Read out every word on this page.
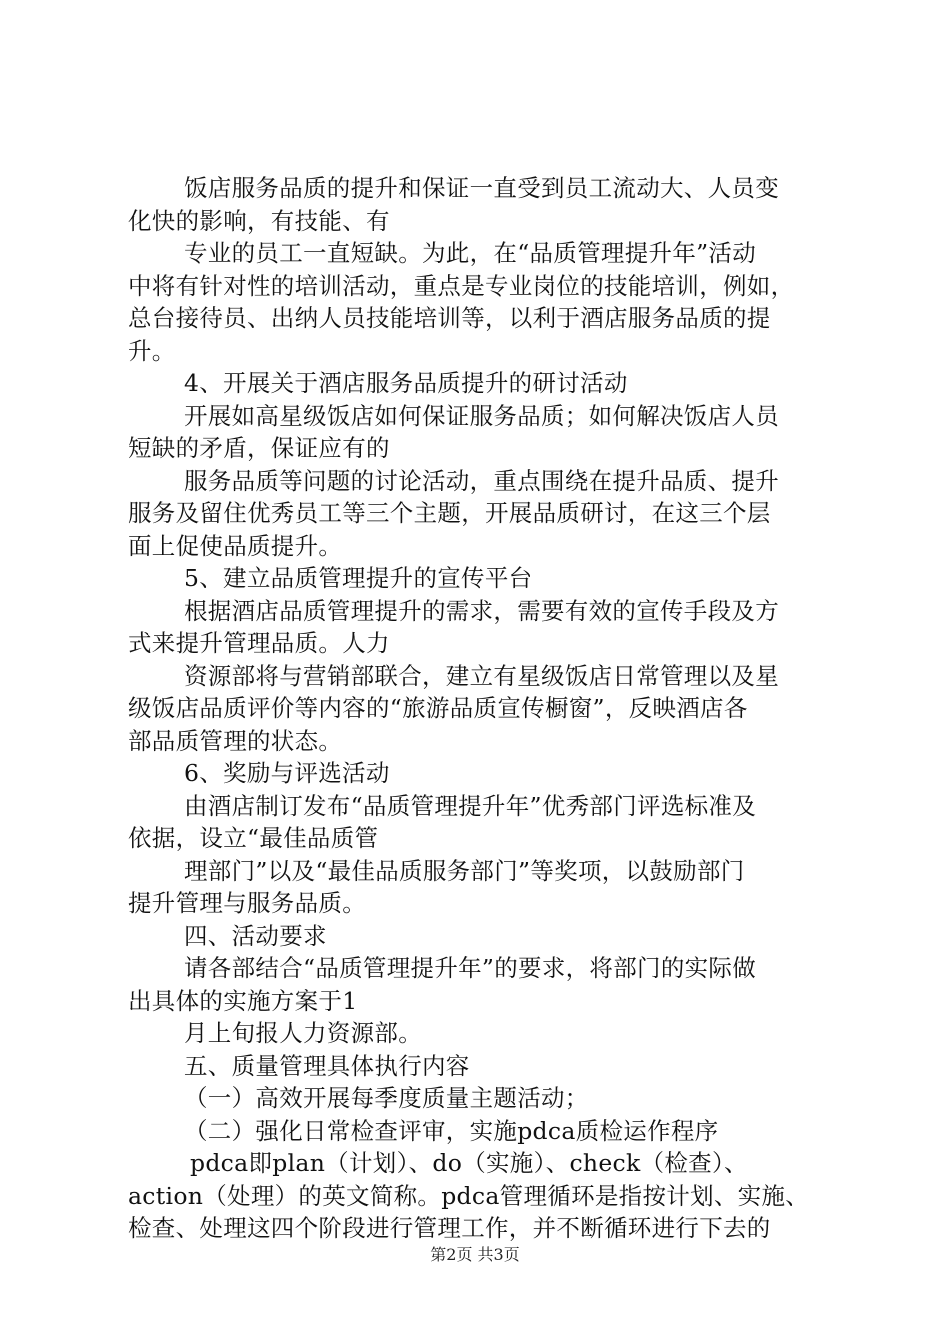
饭店服务品质的提升和保证一直受到员工流动大、人员变
化快的影响，有技能、有
专业的员工一直短缺。为此，在“品质管理提升年”活动
中将有针对性的培训活动，重点是专业岗位的技能培训，例如，
总台接待员、出纳人员技能培训等，以利于酒店服务品质的提
升。
4、开展关于酒店服务品质提升的研讨活动
开展如高星级饭店如何保证服务品质；如何解决饭店人员
短缺的矛盾，保证应有的
服务品质等问题的讨论活动，重点围绕在提升品质、提升
服务及留住优秀员工等三个主题，开展品质研讨，在这三个层
面上促使品质提升。
5、建立品质管理提升的宣传平台
根据酒店品质管理提升的需求，需要有效的宣传手段及方
式来提升管理品质。人力
资源部将与营销部联合，建立有星级饭店日常管理以及星
级饭店品质评价等内容的“旅游品质宣传橱窗”，反映酒店各
部品质管理的状态。
6、奖励与评选活动
由酒店制订发布“品质管理提升年”优秀部门评选标准及
依据，设立“最佳品质管
理部门”以及“最佳品质服务部门”等奖项，以鼓励部门
提升管理与服务品质。
四、活动要求
请各部结合“品质管理提升年”的要求，将部门的实际做
出具体的实施方案于1
月上旬报人力资源部。
五、质量管理具体执行内容
（一）高效开展每季度质量主题活动；
（二）强化日常检查评审，实施pdca质检运作程序
pdca即plan（计划）、do（实施）、check（检查）、
action（处理）的英文简称。pdca管理循环是指按计划、实施、
检查、处理这四个阶段进行管理工作，并不断循环进行下去的
第2页 共3页
